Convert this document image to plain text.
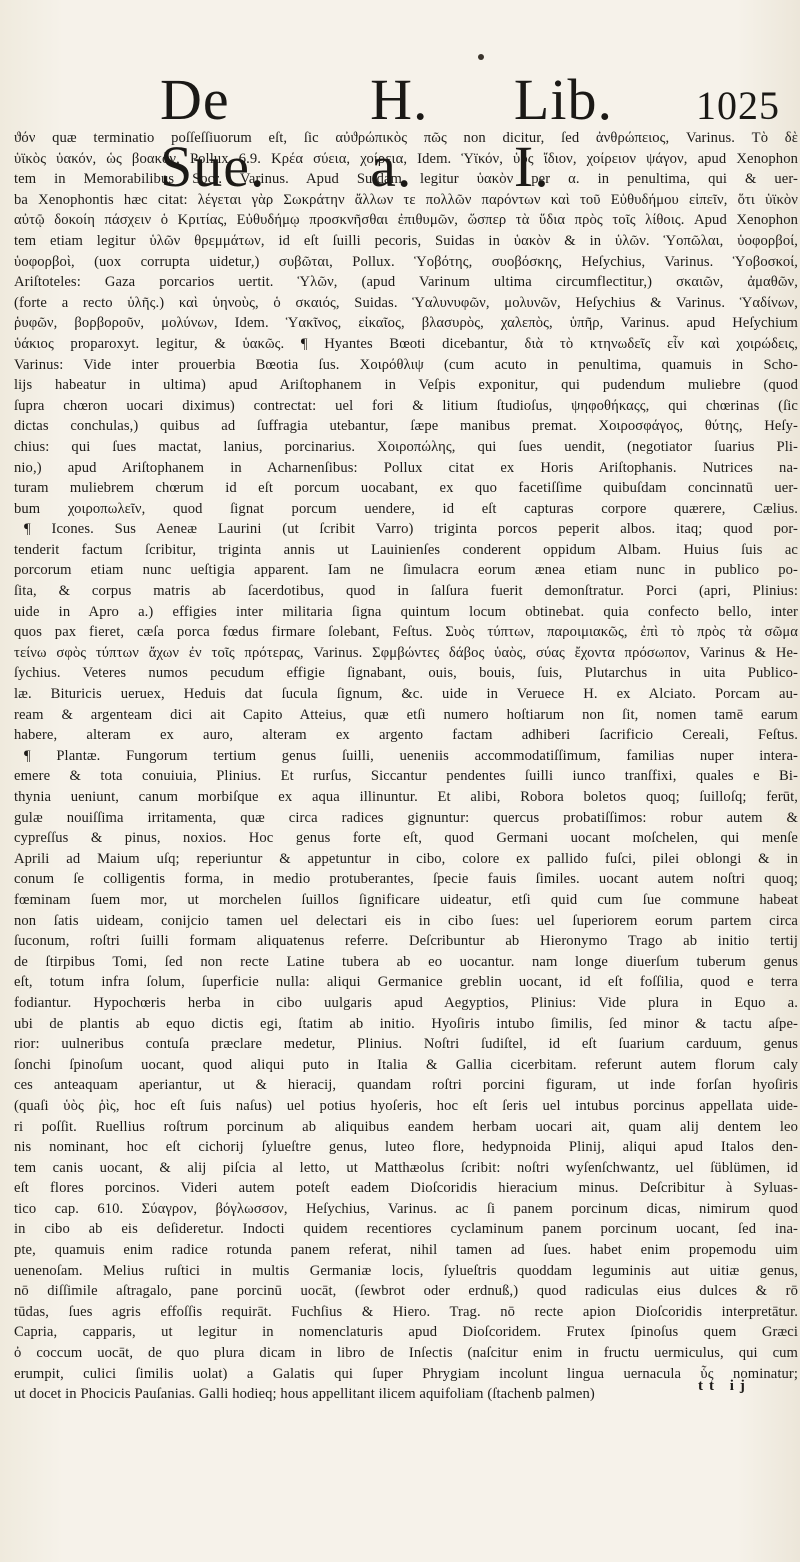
De Sue.
H. a.
Lib. I.
1025
ϑόν quæ terminatio poſſeſſiuorum eſt, ſic αὐϑρώπικὸς πῶς non dicitur, ſed ἀνθρώπειος, Varinus. Τὸ δὲ
ὑϊκὸς ὑακόν, ὡς βοακὸν, Pollux 6.9. Κρέα σύεια, χοίρεια, Idem. Ὑϊκόν, ὑὸς ἴδιον, χοίρειον ψάγον, apud Xenophon
tem in Memorabilibus Socr. Varinus. Apud Suidam legitur ὑακὸν per α. in penultima, qui & uer-
ba Xenophontis hæc citat: λέγεται γὰρ Σωκράτην ἄλλων τε πολλῶν παρόντων καὶ τοῦ Εὐθυδήμου εἰπεῖν, ὅτι ὑϊκὸν
αὐτῷ δοκοίη πάσχειν ὁ Κριτίας, Εὐθυδήμῳ προσκνῆσθαι ἐπιθυμῶν, ὥσπερ τὰ ὕδια πρὸς τοῖς λίθοις. Apud Xenophon
tem etiam legitur ὑλῶν θρεμμάτων, id eſt ſuilli pecoris, Suidas in ὑακὸν & in ὑλῶν. Ὑοπῶλαι, ὑοφορβοί,
ὑοφορβοὶ, (uox corrupta uidetur,) συβῶται, Pollux. Ὑοβότης, συοβόσκης, Heſychius, Varinus. Ὑοβοσκοί,
Ariſtoteles: Gaza porcarios uertit. Ὑλῶν, (apud Varinum ultima circumflectitur,) σκαιῶν, ἀμαθῶν,
(forte a recto ὑλῆς.) καὶ ὑηνοὺς, ὁ σκαιός, Suidas. Ὑαλυνυφῶν, μολυνῶν, Heſychius & Varinus. Ὑαδίνων,
ῥυφῶν, βορβοροῦν, μολύνων, Idem. Ὑακῖνος, εἰκαῖος, βλασυρὸς, χαλεπὸς, ὑπῆρ, Varinus. apud Heſychium
ὑάκιος proparoxyt. legitur, & ὑακῶς. ¶ Hyantes Bœoti dicebantur, διὰ τὸ κτηνωδεῖς εἶν καὶ χοιρώδεις,
Varinus: Vide inter prouerbia Bœotia ſus. Χοιρόθλιψ (cum acuto in penultima, quamuis in Scho-
lijs habeatur in ultima) apud Ariſtophanem in Veſpis exponitur, qui pudendum muliebre (quod
ſupra chœron uocari diximus) contrectat: uel fori & litium ſtudioſus, ψηφοθήκαςς, qui chœrinas (ſic
dictas conchulas,) quibus ad ſuffragia utebantur, ſæpe manibus premat. Χοιροσφάγος, θύτης, Heſy-
chius: qui ſues mactat, lanius, porcinarius. Χοιροπώλης, qui ſues uendit, (negotiator ſuarius Pli-
nio,) apud Ariſtophanem in Acharnenſibus: Pollux citat ex Horis Ariſtophanis. Nutrices na-
turam muliebrem chœrum id eſt porcum uocabant, ex quo facetiſſime quibuſdam concinnatū uer-
bum χοιροπωλεῖν, quod ſignat porcum uendere, id eſt capturas corpore quærere, Cælius.
¶ Icones. Sus Aeneæ Laurini (ut ſcribit Varro) triginta porcos peperit albos. itaq; quod por-
tenderit factum ſcribitur, triginta annis ut Lauinienſes conderent oppidum Albam. Huius ſuis ac
porcorum etiam nunc ueſtigia apparent. Iam ne ſimulacra eorum ænea etiam nunc in publico po-
ſita, & corpus matris ab ſacerdotibus, quod in ſalſura fuerit demonſtratur. Porci (apri, Plinius:
uide in Apro a.) effigies inter militaria ſigna quintum locum obtinebat. quia confecto bello, inter
quos pax fieret, cæſa porca fœdus firmare ſolebant, Feſtus. Συὸς τύπτων, παροιμιακῶς, ἐπὶ τὸ πρὸς τὰ σῶμα
τείνω σφὸς τύπτων ἄχων ἐν τοῖς πρότερας, Varinus. Σφμβώντες δάβος ὑαὸς, σύας ἔχοντα πρόσωπον, Varinus & He-
ſychius. Veteres numos pecudum effigie ſignabant, ouis, bouis, ſuis, Plutarchus in uita Publico-
læ. Bituricis ueruex, Heduis dat ſucula ſignum, &c. uide in Veruece H. ex Alciato. Porcam au-
ream & argenteam dici ait Capito Atteius, quæ etſi numero hoſtiarum non ſit, nomen tamē earum
habere, alteram ex auro, alteram ex argento factam adhiberi ſacrificio Cereali, Feſtus.
¶ Plantæ. Fungorum tertium genus ſuilli, ueneniis accommodatiſſimum, familias nuper intera-
emere & tota conuiuia, Plinius. Et rurſus, Siccantur pendentes ſuilli iunco tranſfixi, quales e Bi-
thynia ueniunt, canum morbiſque ex aqua illinuntur. Et alibi, Robora boletos quoq; ſuilloſq; ferūt,
gulæ nouiſſima irritamenta, quæ circa radices gignuntur: quercus probatiſſimos: robur autem &
cypreſſus & pinus, noxios. Hoc genus forte eſt, quod Germani uocant moſchelen, qui menſe
Aprili ad Maium uſq; reperiuntur & appetuntur in cibo, colore ex pallido fuſci, pilei oblongi & in
conum ſe colligentis forma, in medio protuberantes, ſpecie fauis ſimiles. uocant autem noſtri quoq;
fœminam ſuem mor, ut morchelen ſuillos ſignificare uideatur, etſi quid cum ſue commune habeat
non ſatis uideam, conijcio tamen uel delectari eis in cibo ſues: uel ſuperiorem eorum partem circa
ſuconum, roſtri ſuilli formam aliquatenus referre. Deſcribuntur ab Hieronymo Trago ab initio tertij
de ſtirpibus Tomi, ſed non recte Latine tubera ab eo uocantur. nam longe diuerſum tuberum genus
eſt, totum infra ſolum, ſuperficie nulla: aliqui Germanice greblin uocant, id eſt foſſilia, quod e terra
fodiantur. Hypochœris herba in cibo uulgaris apud Aegyptios, Plinius: Vide plura in Equo a.
ubi de plantis ab equo dictis egi, ſtatim ab initio. Hyoſiris intubo ſimilis, ſed minor & tactu aſpe-
rior: uulneribus contuſa præclare medetur, Plinius. Noſtri ſudiſtel, id eſt ſuarium carduum, genus
ſonchi ſpinoſum uocant, quod aliqui puto in Italia & Gallia cicerbitam. referunt autem florum caly
ces anteaquam aperiantur, ut & hieracij, quandam roſtri porcini figuram, ut inde forſan hyoſiris
(quaſi ὑὸς ῥὶς, hoc eſt ſuis naſus) uel potius hyoſeris, hoc eſt ſeris uel intubus porcinus appellata uide-
ri poſſit. Ruellius roſtrum porcinum ab aliquibus eandem herbam uocari ait, quam alij dentem leo
nis nominant, hoc eſt cichorij ſylueſtre genus, luteo flore, hedypnoida Plinij, aliqui apud Italos den-
tem canis uocant, & alij piſcia al letto, ut Matthæolus ſcribit: noſtri wyſenſchwantz, uel ſüblümen, id
eſt flores porcinos. Videri autem poteſt eadem Dioſcoridis hieracium minus. Deſcribitur à Syluas-
tico cap. 610. Σύαγρον, βόγλωσσον, Heſychius, Varinus. ac ſi panem porcinum dicas, nimirum quod
in cibo ab eis deſideretur. Indocti quidem recentiores cyclaminum panem porcinum uocant, ſed ina-
pte, quamuis enim radice rotunda panem referat, nihil tamen ad ſues. habet enim propemodu uim
uenenoſam. Melius ruſtici in multis Germaniæ locis, ſylueſtris quoddam leguminis aut uitiæ genus,
nō diſſimile aſtragalo, pane porcinū uocāt, (ſewbrot oder erdnuß,) quod radiculas eius dulces & rō
tūdas, ſues agris effoſſis requirāt. Fuchſius & Hiero. Trag. nō recte apion Dioſcoridis interpretātur.
Capria, capparis, ut legitur in nomenclaturis apud Dioſcoridem. Frutex ſpinoſus quem Græci
ὀ coccum uocāt, de quo plura dicam in libro de Inſectis (naſcitur enim in fructu uermiculus, qui cum
erumpit, culici ſimilis uolat) a Galatis qui ſuper Phrygiam incolunt lingua uernacula ὗς nominatur;
ut docet in Phocicis Pauſanias. Galli hodieq; hous appellitant ilicem aquifoliam (ſtachenb palmen)
tt ij
